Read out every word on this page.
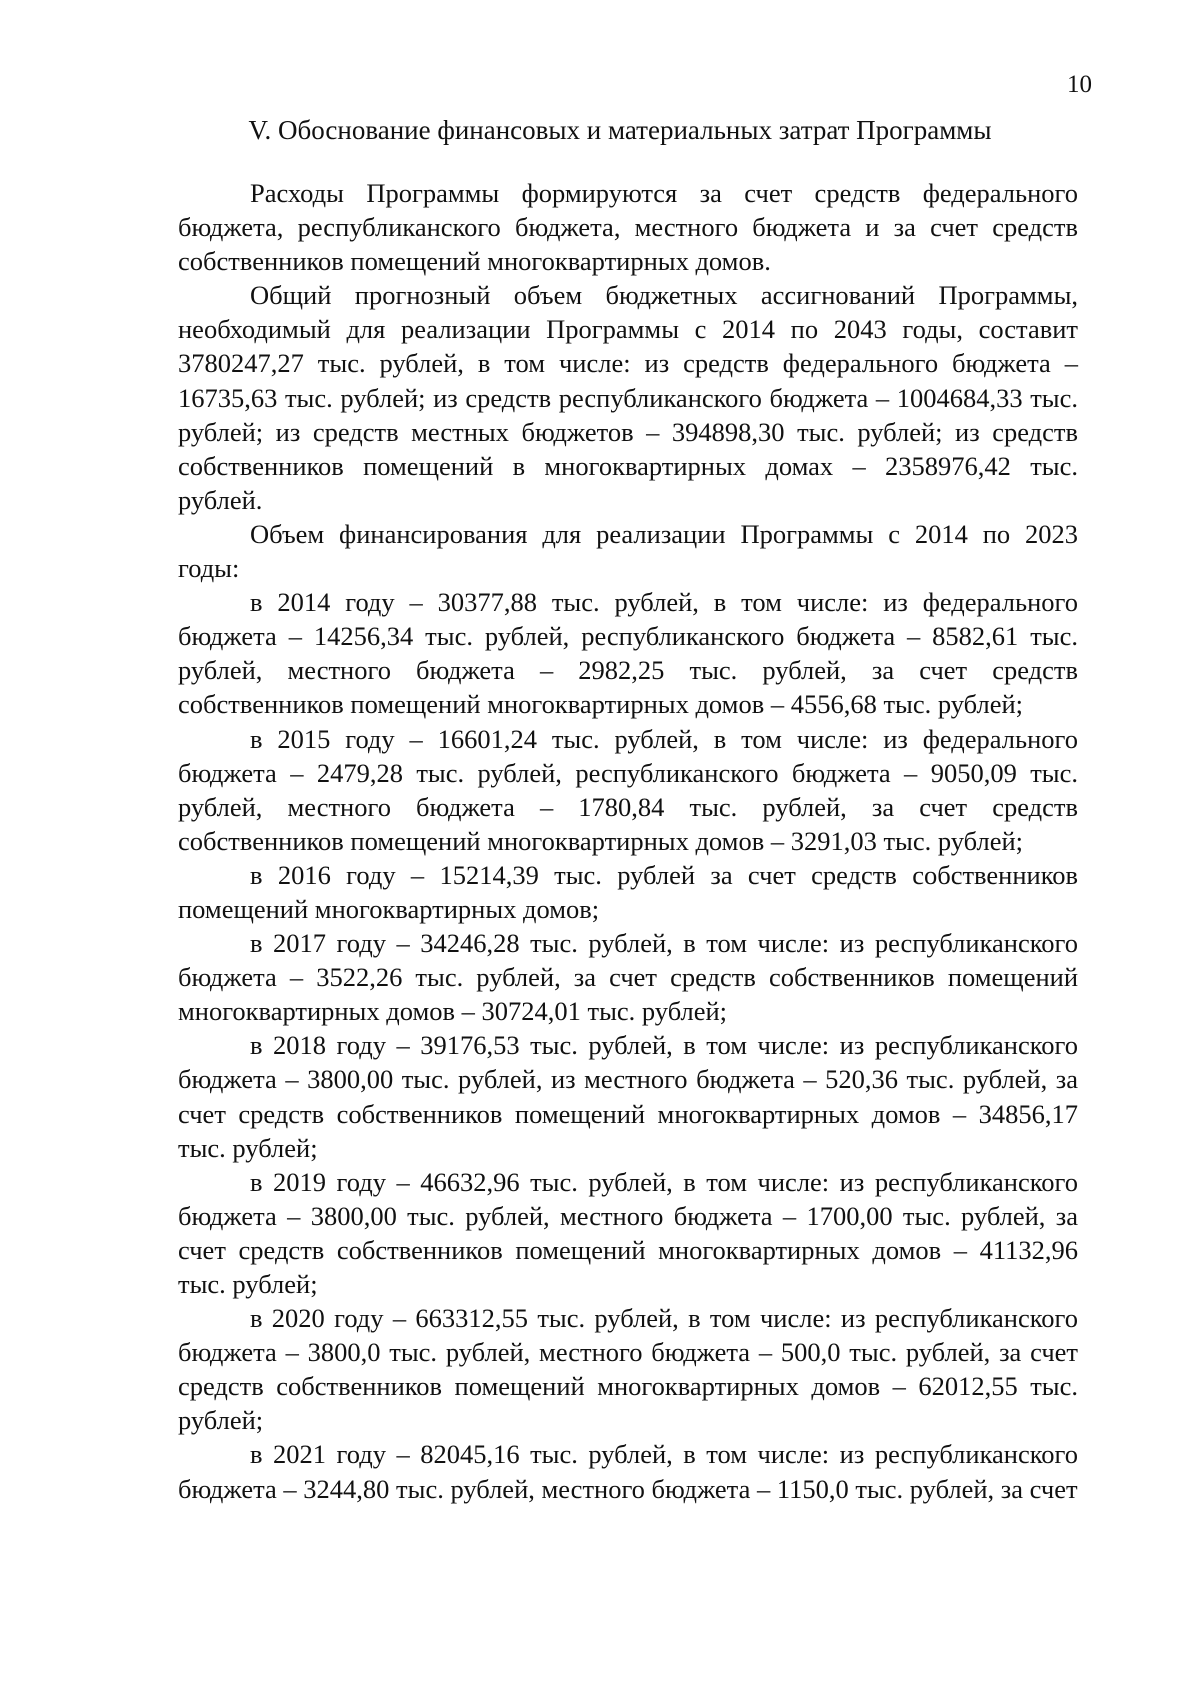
10
V. Обоснование финансовых и материальных затрат Программы

Расходы Программы формируются за счет средств федерального бюджета, республиканского бюджета, местного бюджета и за счет средств собственников помещений многоквартирных домов.

Общий прогнозный объем бюджетных ассигнований Программы, необходимый для реализации Программы с 2014 по 2043 годы, составит 3780247,27 тыс. рублей, в том числе: из средств федерального бюджета – 16735,63 тыс. рублей; из средств республиканского бюджета – 1004684,33 тыс. рублей; из средств местных бюджетов – 394898,30 тыс. рублей; из средств собственников помещений в многоквартирных домах – 2358976,42 тыс. рублей.

Объем финансирования для реализации Программы с 2014 по 2023 годы:

в 2014 году – 30377,88 тыс. рублей, в том числе: из федерального бюджета – 14256,34 тыс. рублей, республиканского бюджета – 8582,61 тыс. рублей, местного бюджета – 2982,25 тыс. рублей, за счет средств собственников помещений многоквартирных домов – 4556,68 тыс. рублей;

в 2015 году – 16601,24 тыс. рублей, в том числе: из федерального бюджета – 2479,28 тыс. рублей, республиканского бюджета – 9050,09 тыс. рублей, местного бюджета – 1780,84 тыс. рублей, за счет средств собственников помещений многоквартирных домов – 3291,03 тыс. рублей;

в 2016 году – 15214,39 тыс. рублей за счет средств собственников помещений многоквартирных домов;

в 2017 году – 34246,28 тыс. рублей, в том числе: из республиканского бюджета – 3522,26 тыс. рублей, за счет средств собственников помещений многоквартирных домов – 30724,01 тыс. рублей;

в 2018 году – 39176,53 тыс. рублей, в том числе: из республиканского бюджета – 3800,00 тыс. рублей, из местного бюджета – 520,36 тыс. рублей, за счет средств собственников помещений многоквартирных домов – 34856,17 тыс. рублей;

в 2019 году – 46632,96 тыс. рублей, в том числе: из республиканского бюджета – 3800,00 тыс. рублей, местного бюджета – 1700,00 тыс. рублей, за счет средств собственников помещений многоквартирных домов – 41132,96 тыс. рублей;

в 2020 году – 663312,55 тыс. рублей, в том числе: из республиканского бюджета – 3800,0 тыс. рублей, местного бюджета – 500,0 тыс. рублей, за счет средств собственников помещений многоквартирных домов – 62012,55 тыс. рублей;

в 2021 году – 82045,16 тыс. рублей, в том числе: из республиканского бюджета – 3244,80 тыс. рублей, местного бюджета – 1150,0 тыс. рублей, за счет
